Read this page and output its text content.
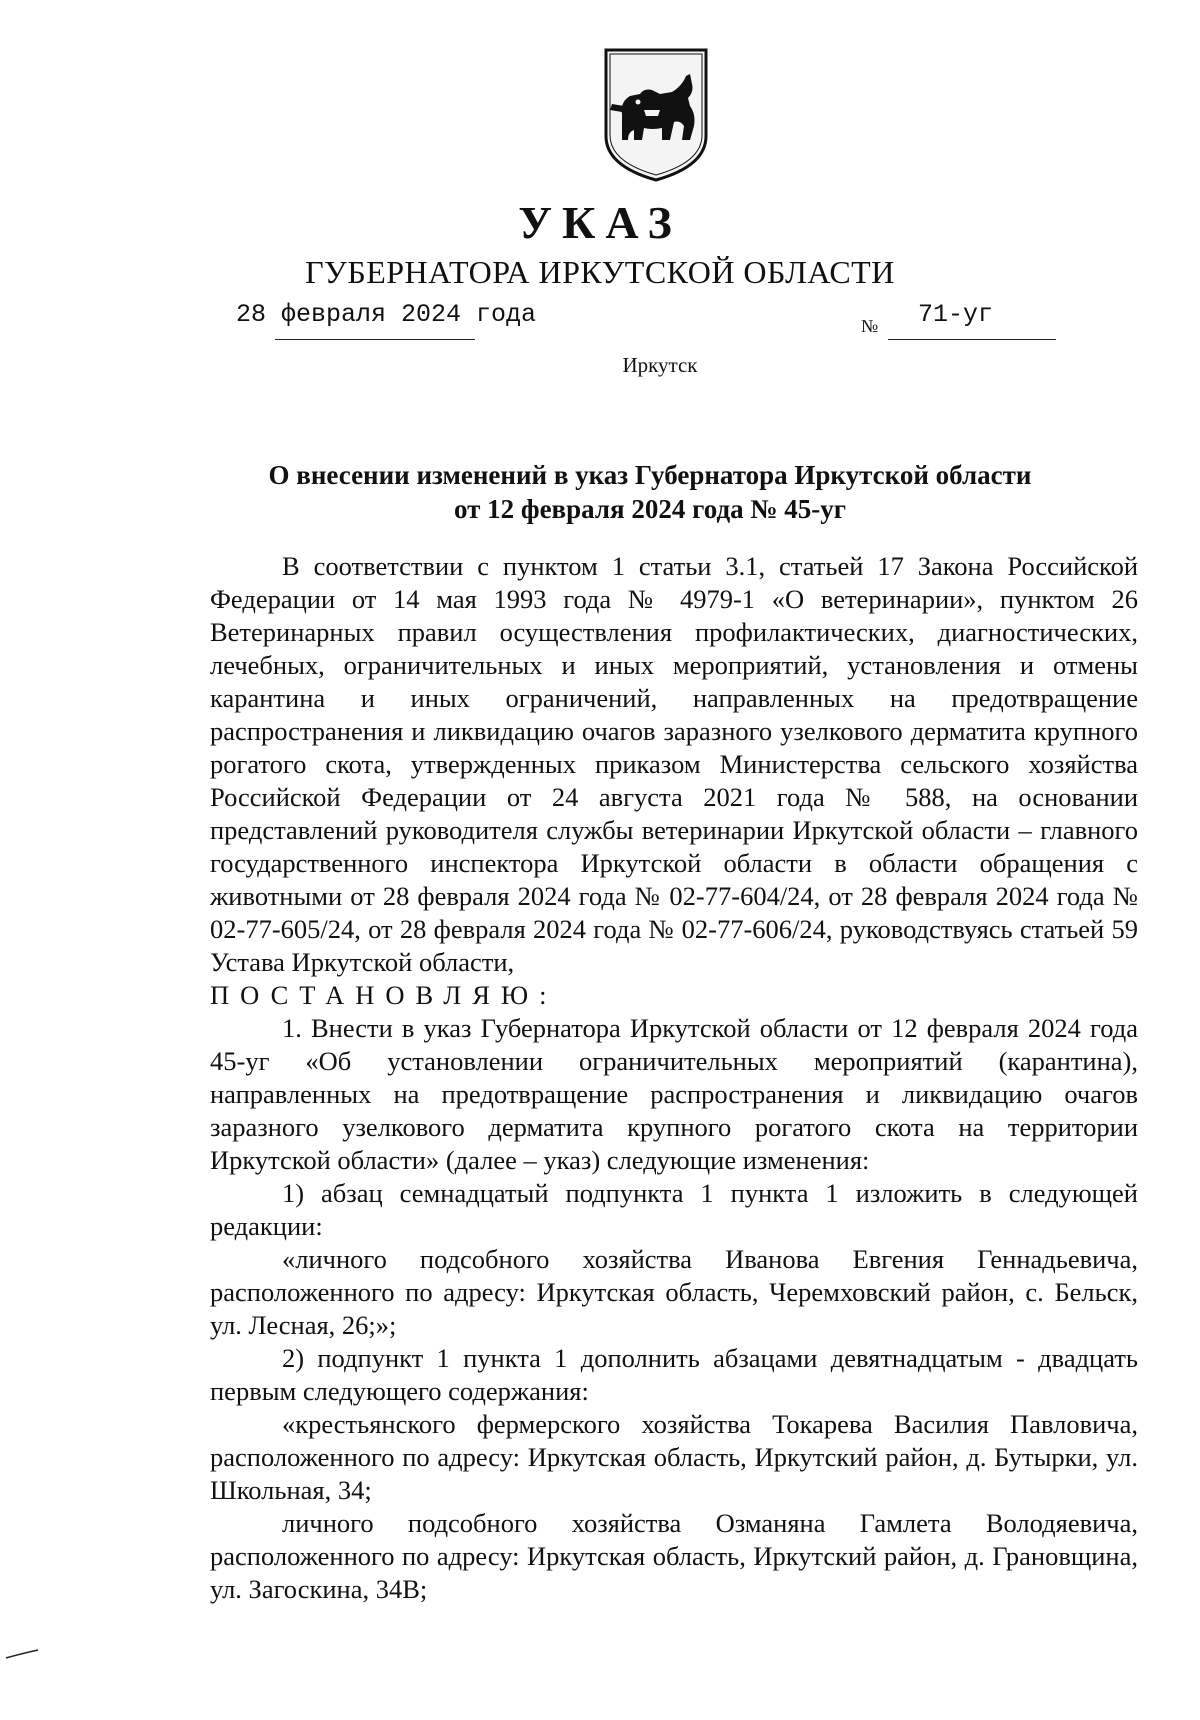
УКАЗ
ГУБЕРНАТОРА ИРКУТСКОЙ ОБЛАСТИ
28 февраля 2024 года	№ 71-уг
Иркутск
О внесении изменений в указ Губернатора Иркутской области
от 12 февраля 2024 года № 45-уг

В соответствии с пунктом 1 статьи 3.1, статьей 17 Закона Российской Федерации от 14 мая 1993 года № 4979-1 «О ветеринарии», пунктом 26 Ветеринарных правил осуществления профилактических, диагностических, лечебных, ограничительных и иных мероприятий, установления и отмены карантина и иных ограничений, направленных на предотвращение распространения и ликвидацию очагов заразного узелкового дерматита крупного рогатого скота, утвержденных приказом Министерства сельского хозяйства Российской Федерации от 24 августа 2021 года № 588, на основании представлений руководителя службы ветеринарии Иркутской области – главного государственного инспектора Иркутской области в области обращения с животными от 28 февраля 2024 года № 02-77-604/24, от 28 февраля 2024 года № 02-77-605/24, от 28 февраля 2024 года № 02-77-606/24, руководствуясь статьей 59 Устава Иркутской области,

ПОСТАНОВЛЯЮ:

1. Внести в указ Губернатора Иркутской области от 12 февраля 2024 года 45-уг «Об установлении ограничительных мероприятий (карантина), направленных на предотвращение распространения и ликвидацию очагов заразного узелкового дерматита крупного рогатого скота на территории Иркутской области» (далее – указ) следующие изменения:

1) абзац семнадцатый подпункта 1 пункта 1 изложить в следующей редакции:

«личного подсобного хозяйства Иванова Евгения Геннадьевича, расположенного по адресу: Иркутская область, Черемховский район, с. Бельск, ул. Лесная, 26;»;

2) подпункт 1 пункта 1 дополнить абзацами девятнадцатым - двадцать первым следующего содержания:

«крестьянского фермерского хозяйства Токарева Василия Павловича, расположенного по адресу: Иркутская область, Иркутский район, д. Бутырки, ул. Школьная, 34;

личного подсобного хозяйства Озманяна Гамлета Володяевича, расположенного по адресу: Иркутская область, Иркутский район, д. Грановщина, ул. Загоскина, 34В;
